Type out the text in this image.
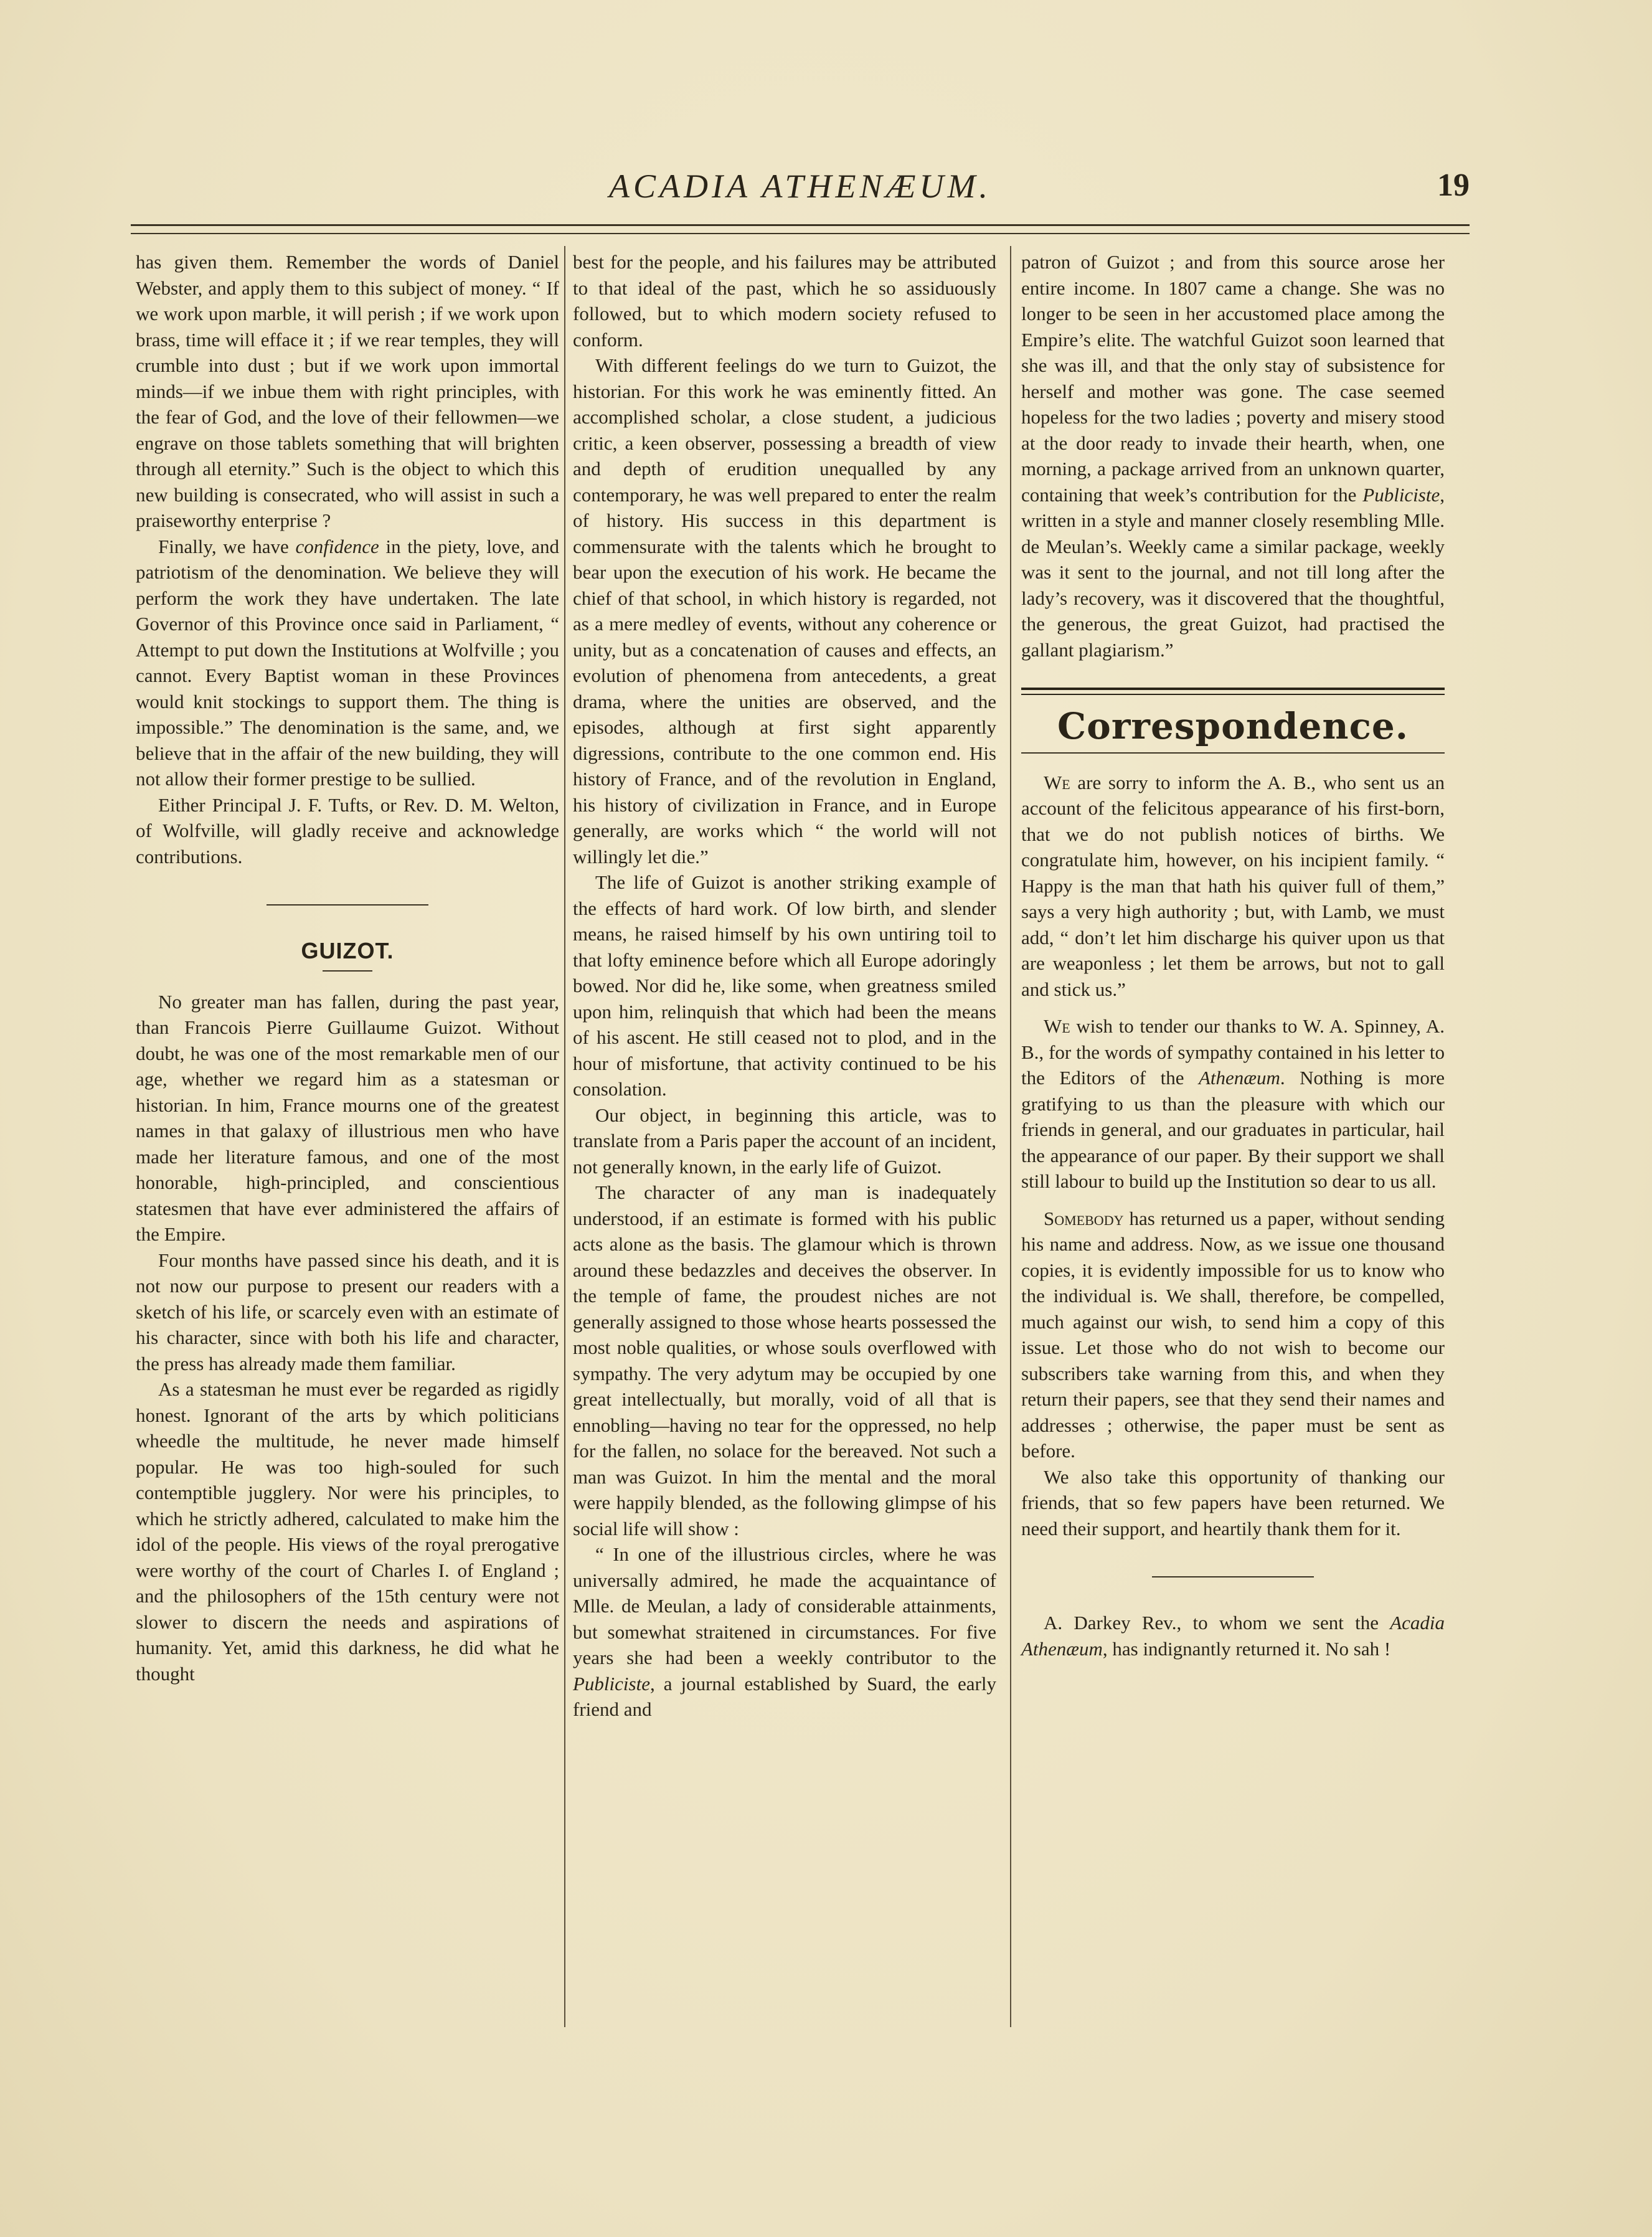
ACADIA ATHENÆUM.	19

has given them. Remember the words of Daniel Webster, and apply them to this subject of money. “ If we work upon marble, it will perish ; if we work upon brass, time will efface it ; if we rear temples, they will crumble into dust ; but if we work upon immortal minds—if we inbue them with right principles, with the fear of God, and the love of their fellowmen—we engrave on those tablets something that will brighten through all eternity.” Such is the object to which this new building is consecrated, who will assist in such a praiseworthy enterprise ?

Finally, we have confidence in the piety, love, and patriotism of the denomination. We believe they will perform the work they have undertaken. The late Governor of this Province once said in Parliament, “ Attempt to put down the Institutions at Wolfville ; you cannot. Every Baptist woman in these Provinces would knit stockings to support them. The thing is impossible.” The denomination is the same, and, we believe that in the affair of the new building, they will not allow their former prestige to be sullied.

Either Principal J. F. Tufts, or Rev. D. M. Welton, of Wolfville, will gladly receive and acknowledge contributions.

GUIZOT.

No greater man has fallen, during the past year, than Francois Pierre Guillaume Guizot. Without doubt, he was one of the most remarkable men of our age, whether we regard him as a statesman or historian. In him, France mourns one of the greatest names in that galaxy of illustrious men who have made her literature famous, and one of the most honorable, high-principled, and conscientious statesmen that have ever administered the affairs of the Empire.

Four months have passed since his death, and it is not now our purpose to present our readers with a sketch of his life, or scarcely even with an estimate of his character, since with both his life and character, the press has already made them familiar.

As a statesman he must ever be regarded as rigidly honest. Ignorant of the arts by which politicians wheedle the multitude, he never made himself popular. He was too high-souled for such contemptible jugglery. Nor were his principles, to which he strictly adhered, calculated to make him the idol of the people. His views of the royal prerogative were worthy of the court of Charles I. of England ; and the philosophers of the 15th century were not slower to discern the needs and aspirations of humanity. Yet, amid this darkness, he did what he thought

best for the people, and his failures may be attributed to that ideal of the past, which he so assiduously followed, but to which modern society refused to conform.

With different feelings do we turn to Guizot, the historian. For this work he was eminently fitted. An accomplished scholar, a close student, a judicious critic, a keen observer, possessing a breadth of view and depth of erudition unequalled by any contemporary, he was well prepared to enter the realm of history. His success in this department is commensurate with the talents which he brought to bear upon the execution of his work. He became the chief of that school, in which history is regarded, not as a mere medley of events, without any coherence or unity, but as a concatenation of causes and effects, an evolution of phenomena from antecedents, a great drama, where the unities are observed, and the episodes, although at first sight apparently digressions, contribute to the one common end. His history of France, and of the revolution in England, his history of civilization in France, and in Europe generally, are works which “ the world will not willingly let die.”

The life of Guizot is another striking example of the effects of hard work. Of low birth, and slender means, he raised himself by his own untiring toil to that lofty eminence before which all Europe adoringly bowed. Nor did he, like some, when greatness smiled upon him, relinquish that which had been the means of his ascent. He still ceased not to plod, and in the hour of misfortune, that activity continued to be his consolation.

Our object, in beginning this article, was to translate from a Paris paper the account of an incident, not generally known, in the early life of Guizot.

The character of any man is inadequately understood, if an estimate is formed with his public acts alone as the basis. The glamour which is thrown around these bedazzles and deceives the observer. In the temple of fame, the proudest niches are not generally assigned to those whose hearts possessed the most noble qualities, or whose souls overflowed with sympathy. The very adytum may be occupied by one great intellectually, but morally, void of all that is ennobling—having no tear for the oppressed, no help for the fallen, no solace for the bereaved. Not such a man was Guizot. In him the mental and the moral were happily blended, as the following glimpse of his social life will show :

“ In one of the illustrious circles, where he was universally admired, he made the acquaintance of Mlle. de Meulan, a lady of considerable attainments, but somewhat straitened in circumstances. For five years she had been a weekly contributor to the Publiciste, a journal established by Suard, the early friend and

patron of Guizot ; and from this source arose her entire income. In 1807 came a change. She was no longer to be seen in her accustomed place among the Empire’s elite. The watchful Guizot soon learned that she was ill, and that the only stay of subsistence for herself and mother was gone. The case seemed hopeless for the two ladies ; poverty and misery stood at the door ready to invade their hearth, when, one morning, a package arrived from an unknown quarter, containing that week’s contribution for the Publiciste, written in a style and manner closely resembling Mlle. de Meulan’s. Weekly came a similar package, weekly was it sent to the journal, and not till long after the lady’s recovery, was it discovered that the thoughtful, the generous, the great Guizot, had practised the gallant plagiarism.”

Correspondence.

We are sorry to inform the A. B., who sent us an account of the felicitous appearance of his first-born, that we do not publish notices of births. We congratulate him, however, on his incipient family. “ Happy is the man that hath his quiver full of them,” says a very high authority ; but, with Lamb, we must add, “ don’t let him discharge his quiver upon us that are weaponless ; let them be arrows, but not to gall and stick us.”

We wish to tender our thanks to W. A. Spinney, A. B., for the words of sympathy contained in his letter to the Editors of the Athenæum. Nothing is more gratifying to us than the pleasure with which our friends in general, and our graduates in particular, hail the appearance of our paper. By their support we shall still labour to build up the Institution so dear to us all.

Somebody has returned us a paper, without sending his name and address. Now, as we issue one thousand copies, it is evidently impossible for us to know who the individual is. We shall, therefore, be compelled, much against our wish, to send him a copy of this issue. Let those who do not wish to become our subscribers take warning from this, and when they return their papers, see that they send their names and addresses ; otherwise, the paper must be sent as before.

We also take this opportunity of thanking our friends, that so few papers have been returned. We need their support, and heartily thank them for it.

A. Darkey Rev., to whom we sent the Acadia Athenæum, has indignantly returned it. No sah !
